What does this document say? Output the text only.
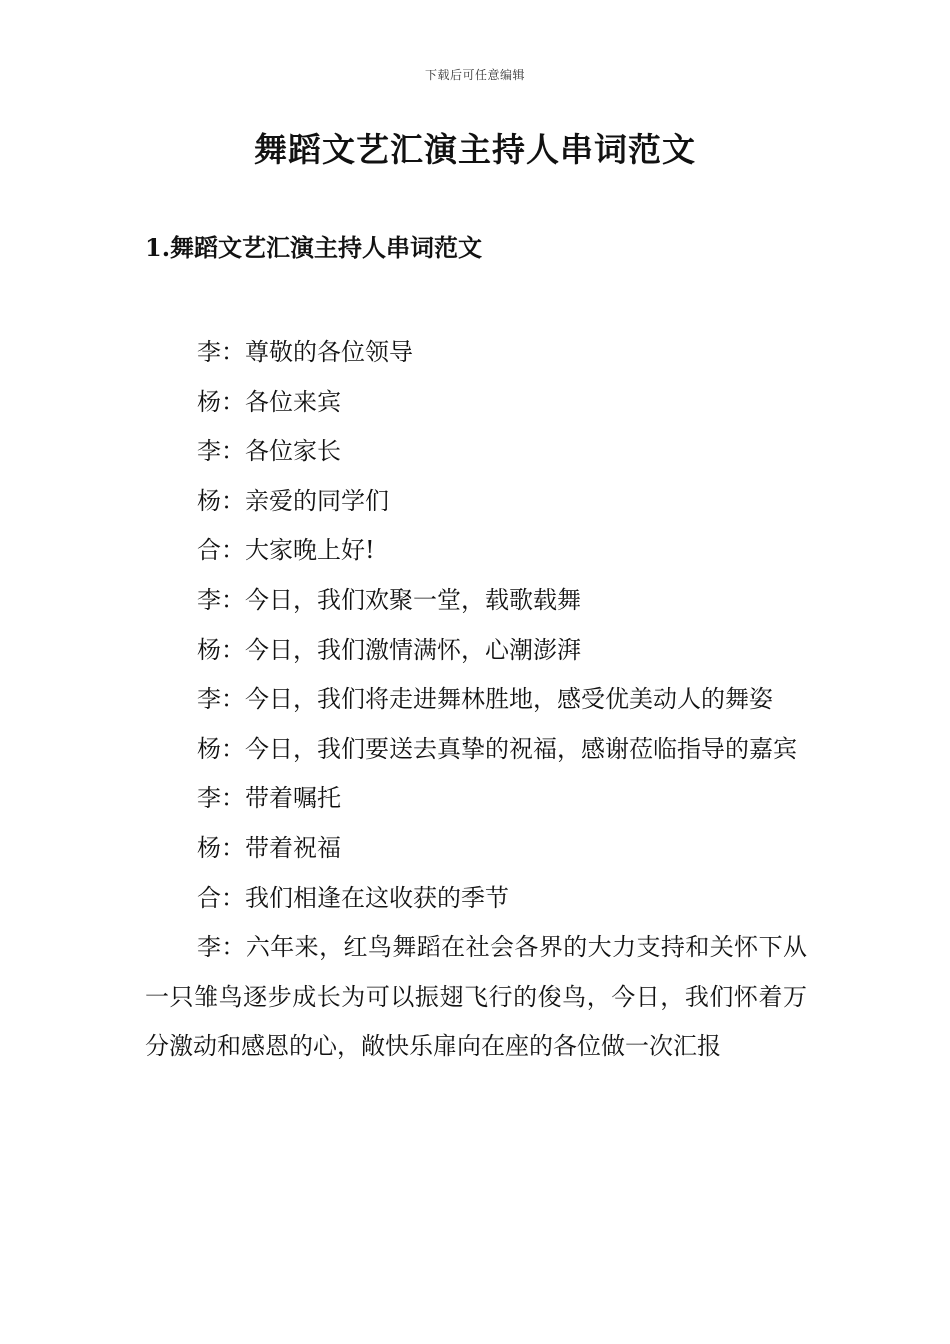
下载后可任意编辑
舞蹈文艺汇演主持人串词范文
1.舞蹈文艺汇演主持人串词范文

李：尊敬的各位领导

杨：各位来宾

李：各位家长

杨：亲爱的同学们

合：大家晚上好!

李：今日，我们欢聚一堂，载歌载舞

杨：今日，我们激情满怀，心潮澎湃

李：今日，我们将走进舞林胜地，感受优美动人的舞姿

杨：今日，我们要送去真挚的祝福，感谢莅临指导的嘉宾

李：带着嘱托

杨：带着祝福

合：我们相逢在这收获的季节

李：六年来，红鸟舞蹈在社会各界的大力支持和关怀下从一只雏鸟逐步成长为可以振翅飞行的俊鸟，今日，我们怀着万分激动和感恩的心，敞快乐扉向在座的各位做一次汇报
